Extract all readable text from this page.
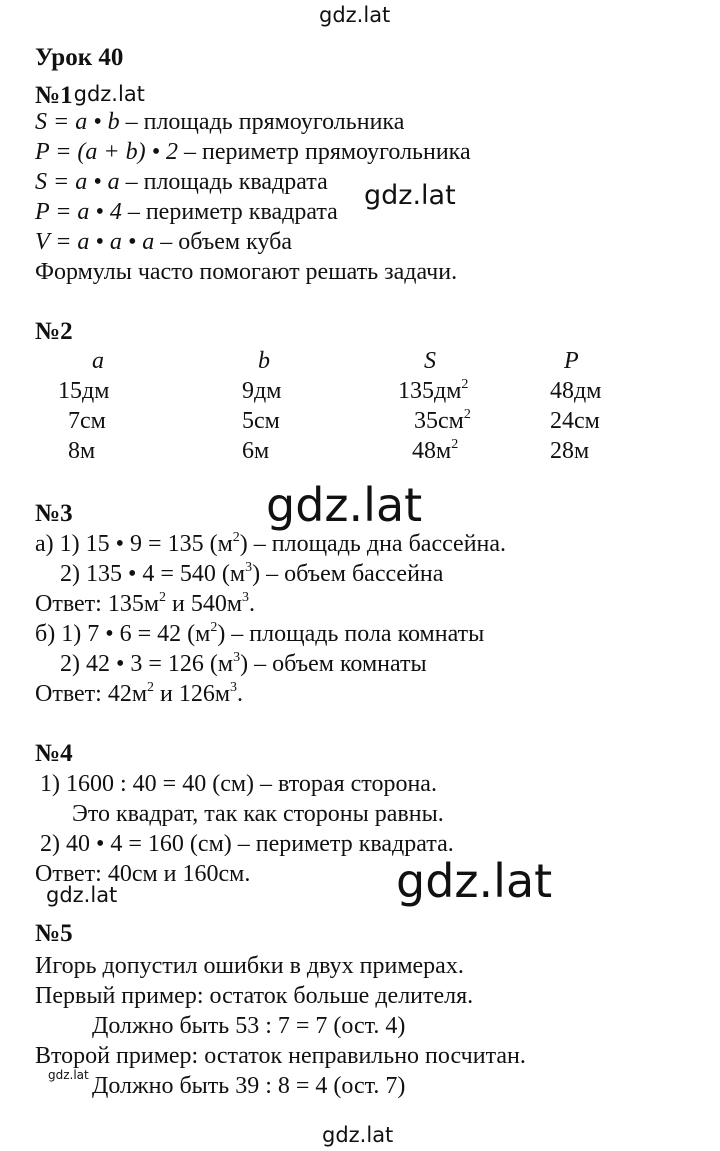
gdz.lat
gdz.lat
gdz.lat
gdz.lat	gdz.lat
gdz.lat
gdz.lat
Урок 40
№1gdz.lat
S = a • b – площадь прямоугольника
P = (a + b) • 2 – периметр прямоугольника
S = a • a – площадь квадрата
P = a • 4 – периметр квадрата
V = a • a • a – объем куба
Формулы часто помогают решать задачи.
№2
a	b	S	P
15дм	9дм	$135дм^2$	48дм
7см	5см	$35см^2$	24см
8м	6м	$48м^2$	28м
№3
а) 1) 15 • 9 = 135 $(м^2)$ – площадь дна бассейна.
2) 135 • 4 = 540 $(м^3)$ – объем бассейна
Ответ: $135м^2$ и $540м^3$.
б) 1) 7 • 6 = 42 $(м^2)$ – площадь пола комнаты
2) 42 • 3 = 126 $(м^3)$ – объем комнаты
Ответ: $42м^2$ и $126м^3$.
№4
1) 1600 : 40 = 40 (см) – вторая сторона.
Это квадрат, так как стороны равны.
2) 40 • 4 = 160 (см) – периметр квадрата.
Ответ: 40см и 160см.
№5
Игорь допустил ошибки в двух примерах.
Первый пример: остаток больше делителя.
Должно быть 53 : 7 = 7 (ост. 4)
Второй пример: остаток неправильно посчитан.
Должно быть 39 : 8 = 4 (ост. 7)
